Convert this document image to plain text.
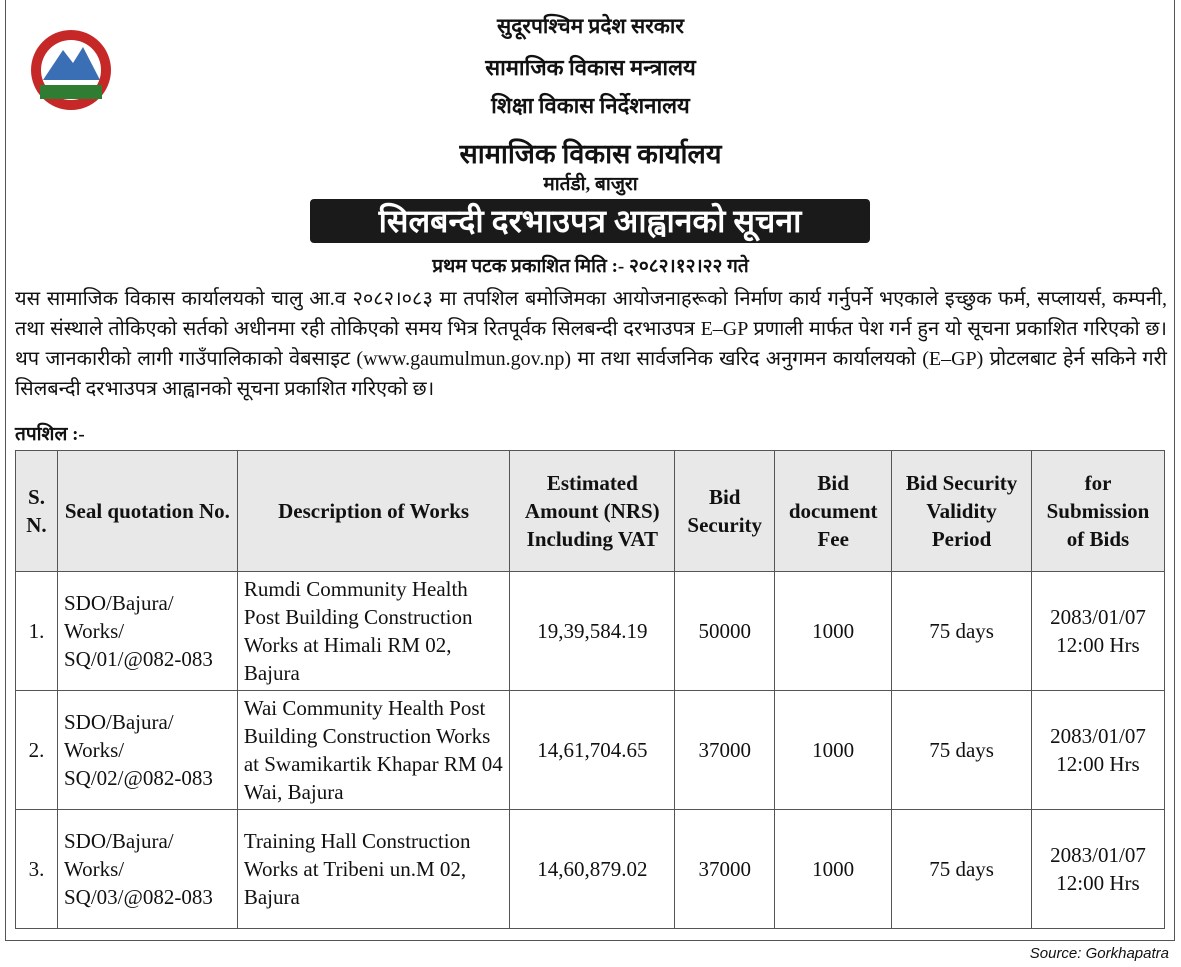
सुदूरपश्चिम प्रदेश सरकार
सामाजिक विकास मन्त्रालय
शिक्षा विकास निर्देशनालय
सामाजिक विकास कार्यालय
मार्तडी, बाजुरा
सिलबन्दी दरभाउपत्र आह्वानको सूचना
प्रथम पटक प्रकाशित मिति :- २०८२।१२।२२ गते
यस सामाजिक विकास कार्यालयको चालु आ.व २०८२।०८३ मा तपशिल बमोजिमका आयोजनाहरूको निर्माण कार्य गर्नुपर्ने भएकाले इच्छुक फर्म, सप्लायर्स, कम्पनी, तथा संस्थाले तोकिएको सर्तको अधीनमा रही तोकिएको समय भित्र रितपूर्वक सिलबन्दी दरभाउपत्र E–GP प्रणाली मार्फत पेश गर्न हुन यो सूचना प्रकाशित गरिएको छ। थप जानकारीको लागी गाउँपालिकाको वेबसाइट (www.gaumulmun.gov.np) मा तथा सार्वजनिक खरिद अनुगमन कार्यालयको (E–GP) प्रोटलबाट हेर्न सकिने गरी सिलबन्दी दरभाउपत्र आह्वानको सूचना प्रकाशित गरिएको छ।
तपशिल :-
S. N.	Seal quotation No.	Description of Works	Estimated Amount (NRS) Including VAT	Bid Security	Bid document Fee	Bid Security Validity Period	for Submission of Bids
1.	SDO/Bajura/ Works/ SQ/01/@082-083	Rumdi Community Health Post Building Construction Works at Himali RM 02, Bajura	19,39,584.19	50000	1000	75 days	2083/01/07 12:00 Hrs
2.	SDO/Bajura/ Works/ SQ/02/@082-083	Wai Community Health Post Building Construction Works at Swamikartik Khapar RM 04 Wai, Bajura	14,61,704.65	37000	1000	75 days	2083/01/07 12:00 Hrs
3.	SDO/Bajura/ Works/ SQ/03/@082-083	Training Hall Construction Works at Tribeni un.M 02, Bajura	14,60,879.02	37000	1000	75 days	2083/01/07 12:00 Hrs
Source: Gorkhapatra
